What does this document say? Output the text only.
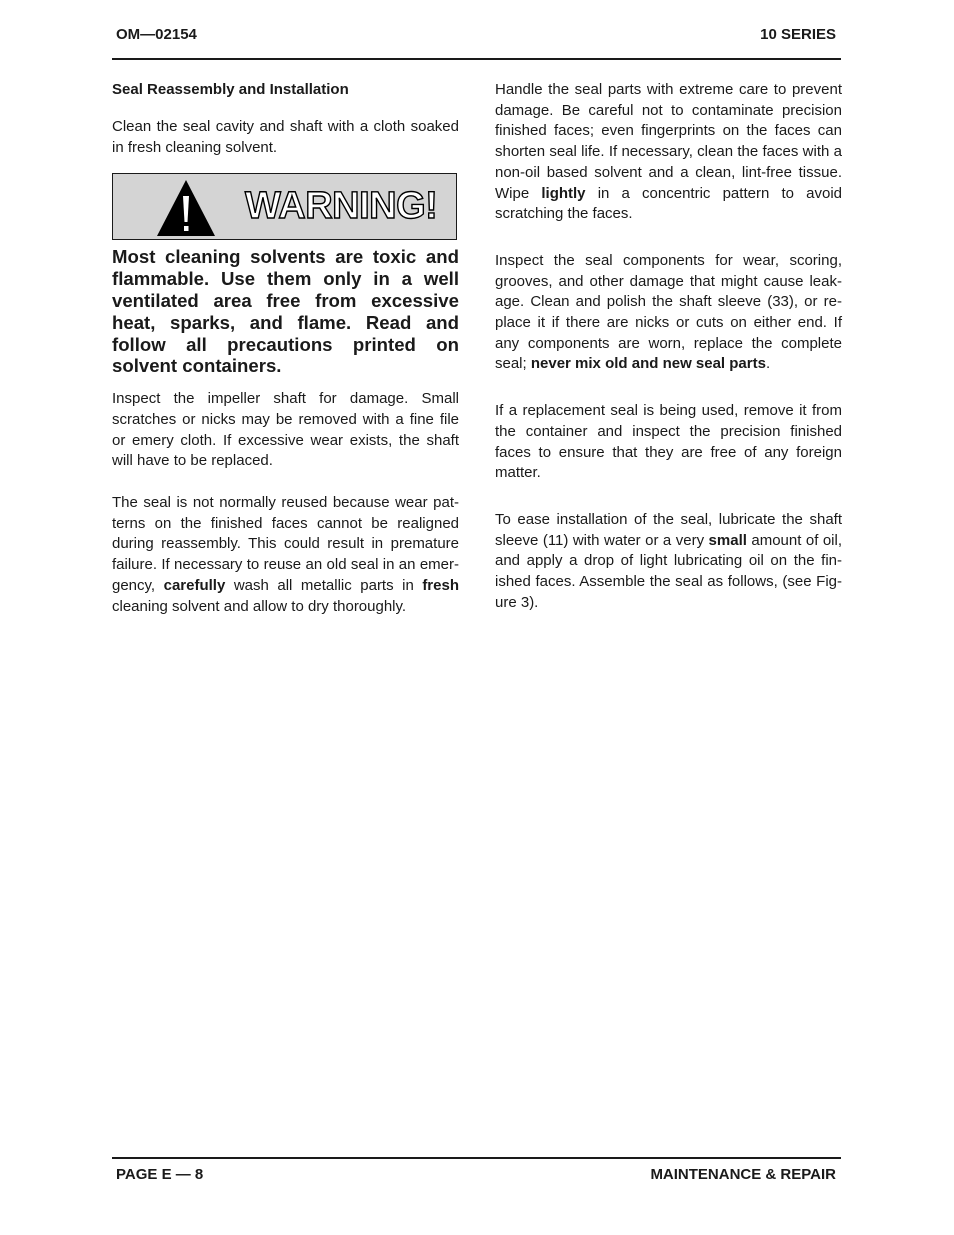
OM—02154	10 SERIES
Seal Reassembly and Installation

Clean the seal cavity and shaft with a cloth soaked in fresh cleaning solvent.

WARNING!
Most cleaning solvents are toxic and flammable. Use them only in a well ventilated area free from excessive heat, sparks, and flame. Read and follow all precautions printed on solvent containers.

Inspect the impeller shaft for damage. Small scratches or nicks may be removed with a fine file or emery cloth. If excessive wear exists, the shaft will have to be replaced.

The seal is not normally reused because wear patterns on the finished faces cannot be realigned during reassembly. This could result in premature failure. If necessary to reuse an old seal in an emergency, carefully wash all metallic parts in fresh cleaning solvent and allow to dry thoroughly.

Handle the seal parts with extreme care to prevent damage. Be careful not to contaminate precision finished faces; even fingerprints on the faces can shorten seal life. If necessary, clean the faces with a non-oil based solvent and a clean, lint-free tissue. Wipe lightly in a concentric pattern to avoid scratching the faces.

Inspect the seal components for wear, scoring, grooves, and other damage that might cause leakage. Clean and polish the shaft sleeve (33), or replace it if there are nicks or cuts on either end. If any components are worn, replace the complete seal; never mix old and new seal parts.

If a replacement seal is being used, remove it from the container and inspect the precision finished faces to ensure that they are free of any foreign matter.

To ease installation of the seal, lubricate the shaft sleeve (11) with water or a very small amount of oil, and apply a drop of light lubricating oil on the finished faces. Assemble the seal as follows, (see Figure 3).

PAGE E — 8	MAINTENANCE & REPAIR
